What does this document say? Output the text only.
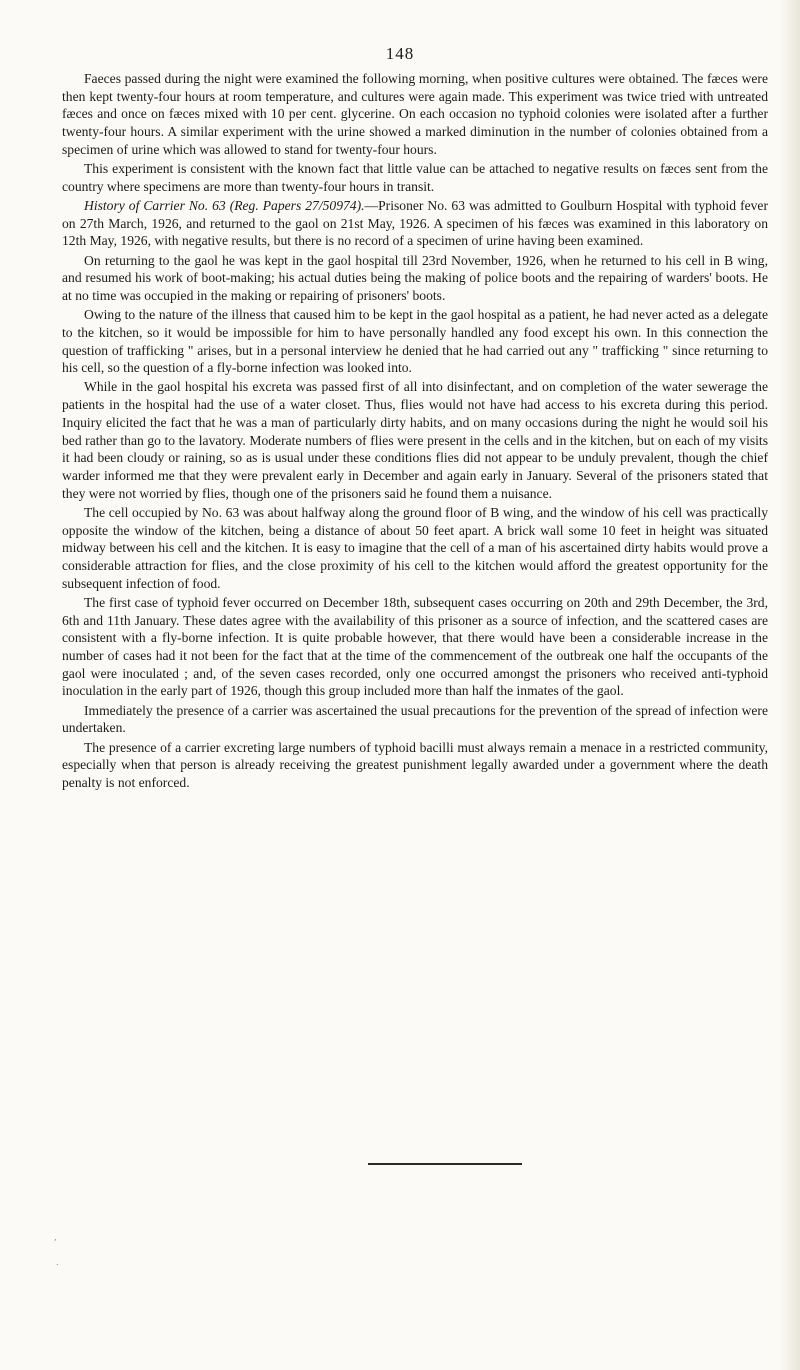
148

Faeces passed during the night were examined the following morning, when positive cultures were obtained. The fæces were then kept twenty-four hours at room temperature, and cultures were again made. This experiment was twice tried with untreated fæces and once on fæces mixed with 10 per cent. glycerine. On each occasion no typhoid colonies were isolated after a further twenty-four hours. A similar experiment with the urine showed a marked diminution in the number of colonies obtained from a specimen of urine which was allowed to stand for twenty-four hours.

This experiment is consistent with the known fact that little value can be attached to negative results on fæces sent from the country where specimens are more than twenty-four hours in transit.

History of Carrier No. 63 (Reg. Papers 27/50974).—Prisoner No. 63 was admitted to Goulburn Hospital with typhoid fever on 27th March, 1926, and returned to the gaol on 21st May, 1926. A specimen of his fæces was examined in this laboratory on 12th May, 1926, with negative results, but there is no record of a specimen of urine having been examined.

On returning to the gaol he was kept in the gaol hospital till 23rd November, 1926, when he returned to his cell in B wing, and resumed his work of boot-making; his actual duties being the making of police boots and the repairing of warders' boots. He at no time was occupied in the making or repairing of prisoners' boots.

Owing to the nature of the illness that caused him to be kept in the gaol hospital as a patient, he had never acted as a delegate to the kitchen, so it would be impossible for him to have personally handled any food except his own. In this connection the question of trafficking " arises, but in a personal interview he denied that he had carried out any " trafficking " since returning to his cell, so the question of a fly-borne infection was looked into.

While in the gaol hospital his excreta was passed first of all into disinfectant, and on completion of the water sewerage the patients in the hospital had the use of a water closet. Thus, flies would not have had access to his excreta during this period. Inquiry elicited the fact that he was a man of particularly dirty habits, and on many occasions during the night he would soil his bed rather than go to the lavatory. Moderate numbers of flies were present in the cells and in the kitchen, but on each of my visits it had been cloudy or raining, so as is usual under these conditions flies did not appear to be unduly prevalent, though the chief warder informed me that they were prevalent early in December and again early in January. Several of the prisoners stated that they were not worried by flies, though one of the prisoners said he found them a nuisance.

The cell occupied by No. 63 was about halfway along the ground floor of B wing, and the window of his cell was practically opposite the window of the kitchen, being a distance of about 50 feet apart. A brick wall some 10 feet in height was situated midway between his cell and the kitchen. It is easy to imagine that the cell of a man of his ascertained dirty habits would prove a considerable attraction for flies, and the close proximity of his cell to the kitchen would afford the greatest opportunity for the subsequent infection of food.

The first case of typhoid fever occurred on December 18th, subsequent cases occurring on 20th and 29th December, the 3rd, 6th and 11th January. These dates agree with the availability of this prisoner as a source of infection, and the scattered cases are consistent with a fly-borne infection. It is quite probable however, that there would have been a considerable increase in the number of cases had it not been for the fact that at the time of the commencement of the outbreak one half the occupants of the gaol were inoculated ; and, of the seven cases recorded, only one occurred amongst the prisoners who received anti-typhoid inoculation in the early part of 1926, though this group included more than half the inmates of the gaol.

Immediately the presence of a carrier was ascertained the usual precautions for the prevention of the spread of infection were undertaken.

The presence of a carrier excreting large numbers of typhoid bacilli must always remain a menace in a restricted community, especially when that person is already receiving the greatest punishment legally awarded under a government where the death penalty is not enforced.

,
.
